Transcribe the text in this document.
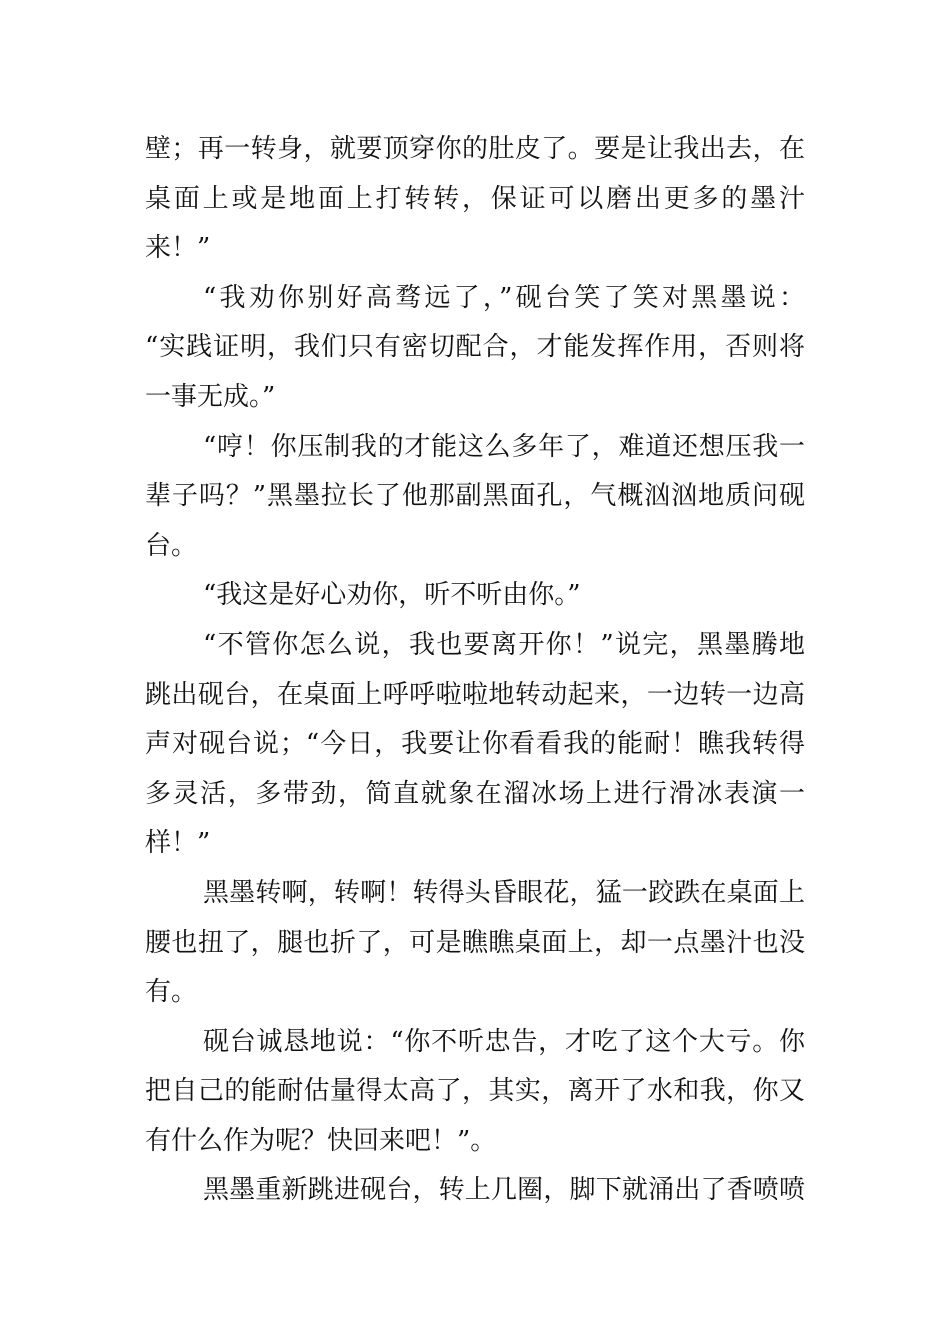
壁；再一转身，就要顶穿你的肚皮了。要是让我出去，在
桌面上或是地面上打转转，保证可以磨出更多的墨汁
来！”
“我劝你别好高骛远了，”砚台笑了笑对黑墨说：
“实践证明，我们只有密切配合，才能发挥作用，否则将
一事无成。”
“哼！你压制我的才能这么多年了，难道还想压我一
辈子吗？”黑墨拉长了他那副黑面孔，气概汹汹地质问砚
台。
“我这是好心劝你，听不听由你。”
“不管你怎么说，我也要离开你！”说完，黑墨腾地
跳出砚台，在桌面上呼呼啦啦地转动起来，一边转一边高
声对砚台说；“今日，我要让你看看我的能耐！瞧我转得
多灵活，多带劲，简直就象在溜冰场上进行滑冰表演一
样！”
黑墨转啊，转啊！转得头昏眼花，猛一跤跌在桌面上
腰也扭了，腿也折了，可是瞧瞧桌面上，却一点墨汁也没
有。
砚台诚恳地说：“你不听忠告，才吃了这个大亏。你
把自己的能耐估量得太高了，其实，离开了水和我，你又
有什么作为呢？快回来吧！”。
黑墨重新跳进砚台，转上几圈，脚下就涌出了香喷喷
